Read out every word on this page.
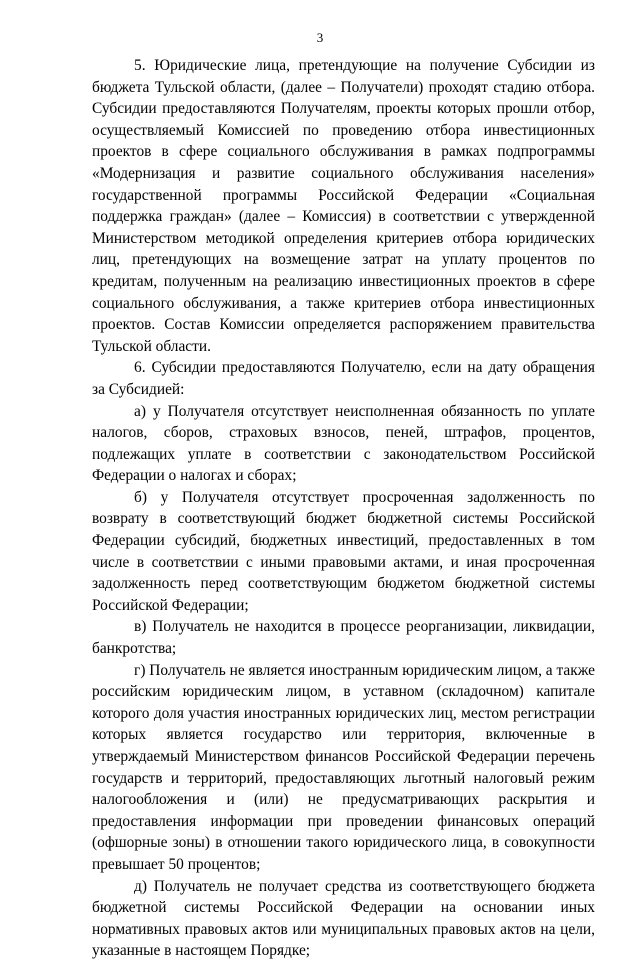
3

5. Юридические лица, претендующие на получение Субсидии из бюджета Тульской области, (далее – Получатели) проходят стадию отбора. Субсидии предоставляются Получателям, проекты которых прошли отбор, осуществляемый Комиссией по проведению отбора инвестиционных проектов в сфере социального обслуживания в рамках подпрограммы «Модернизация и развитие социального обслуживания населения» государственной программы Российской Федерации «Социальная поддержка граждан» (далее – Комиссия) в соответствии с утвержденной Министерством методикой определения критериев отбора юридических лиц, претендующих на возмещение затрат на уплату процентов по кредитам, полученным на реализацию инвестиционных проектов в сфере социального обслуживания, а также критериев отбора инвестиционных проектов. Состав Комиссии определяется распоряжением правительства Тульской области.

6. Субсидии предоставляются Получателю, если на дату обращения за Субсидией:

а) у Получателя отсутствует неисполненная обязанность по уплате налогов, сборов, страховых взносов, пеней, штрафов, процентов, подлежащих уплате в соответствии с законодательством Российской Федерации о налогах и сборах;

б) у Получателя отсутствует просроченная задолженность по возврату в соответствующий бюджет бюджетной системы Российской Федерации субсидий, бюджетных инвестиций, предоставленных в том числе в соответствии с иными правовыми актами, и иная просроченная задолженность перед соответствующим бюджетом бюджетной системы Российской Федерации;

в) Получатель не находится в процессе реорганизации, ликвидации, банкротства;

г) Получатель не является иностранным юридическим лицом, а также российским юридическим лицом, в уставном (складочном) капитале которого доля участия иностранных юридических лиц, местом регистрации которых является государство или территория, включенные в утверждаемый Министерством финансов Российской Федерации перечень государств и территорий, предоставляющих льготный налоговый режим налогообложения и (или) не предусматривающих раскрытия и предоставления информации при проведении финансовых операций (офшорные зоны) в отношении такого юридического лица, в совокупности превышает 50 процентов;

д) Получатель не получает средства из соответствующего бюджета бюджетной системы Российской Федерации на основании иных нормативных правовых актов или муниципальных правовых актов на цели, указанные в настоящем Порядке;
